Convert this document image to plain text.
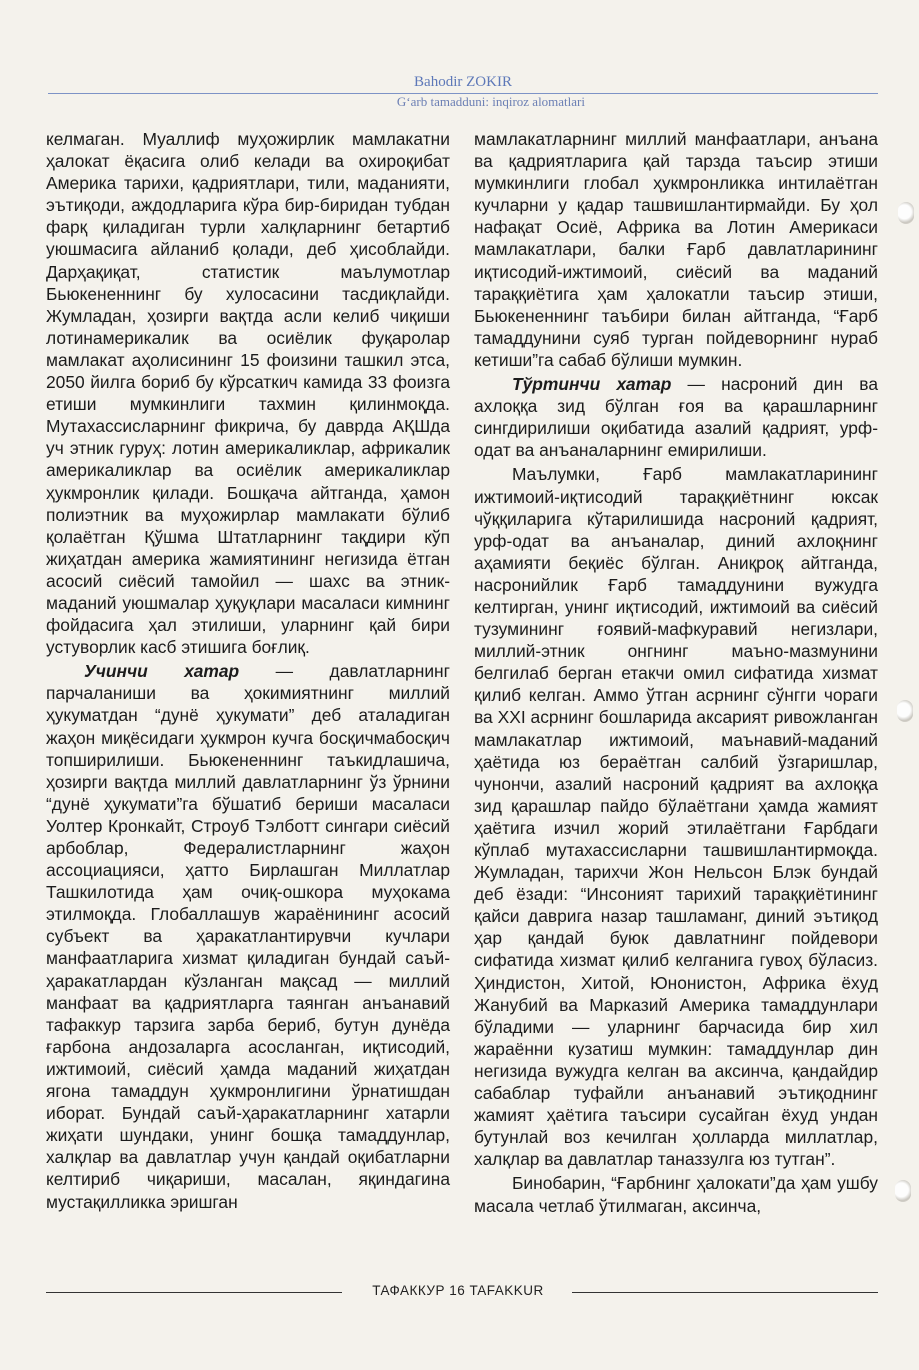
Bahodir ZOKIR
G‘arb tamadduni: inqiroz alomatlari

келмаган. Муаллиф муҳожирлик мамлакатни ҳалокат ёқасига олиб келади ва охироқибат Америка тарихи, қадриятлари, тили, маданияти, эътиқоди, аждодларига кўра бир-биридан тубдан фарқ қиладиган турли халқларнинг бетартиб уюшмасига айланиб қолади, деб ҳисоблайди. Дарҳақиқат, статистик маълумотлар Бьюкененнинг бу хулосасини тасдиқлайди. Жумладан, ҳозирги вақтда асли келиб чиқиши лотинамерикалик ва осиёлик фуқаролар мамлакат аҳолисининг 15 фоизини ташкил этса, 2050 йилга бориб бу кўрсаткич камида 33 фоизга етиши мумкинлиги тахмин қилинмоқда. Мутахассисларнинг фикрича, бу даврда АҚШда уч этник гуруҳ: лотин америкаликлар, африкалик америкаликлар ва осиёлик америкаликлар ҳукмронлик қилади. Бошқача айтганда, ҳамон полиэтник ва муҳожирлар мамлакати бўлиб қолаётган Қўшма Штатларнинг тақдири кўп жиҳатдан америка жамиятининг негизида ётган асосий сиёсий тамойил — шахс ва этник-маданий уюшмалар ҳуқуқлари масаласи кимнинг фойдасига ҳал этилиши, уларнинг қай бири устуворлик касб этишига боғлиқ.

Учинчи хатар — давлатларнинг парчаланиши ва ҳокимиятнинг миллий ҳукуматдан “дунё ҳукумати” деб аталадиган жаҳон миқёсидаги ҳукмрон кучга босқичмабосқич топширилиши. Бьюкененнинг таъкидлашича, ҳозирги вақтда миллий давлатларнинг ўз ўрнини “дунё ҳукумати”га бўшатиб бериши масаласи Уолтер Кронкайт, Строуб Тэлботт сингари сиёсий арбоблар, Федералистларнинг жаҳон ассоциацияси, ҳатто Бирлашган Миллатлар Ташкилотида ҳам очиқ-ошкора муҳокама этилмоқда. Глобаллашув жараёнининг асосий субъект ва ҳаракатлантирувчи кучлари манфаатларига хизмат қиладиган бундай саъй-ҳаракатлардан кўзланган мақсад — миллий манфаат ва қадриятларга таянган анъанавий тафаккур тарзига зарба бериб, бутун дунёда ғарбона андозаларга асосланган, иқтисодий, ижтимоий, сиёсий ҳамда маданий жиҳатдан ягона тамаддун ҳукмронлигини ўрнатишдан иборат. Бундай саъй-ҳаракатларнинг хатарли жиҳати шундаки, унинг бошқа тамаддунлар, халқлар ва давлатлар учун қандай оқибатларни келтириб чиқариши, масалан, яқиндагина мустақилликка эришган

мамлакатларнинг миллий манфаатлари, анъана ва қадриятларига қай тарзда таъсир этиши мумкинлиги глобал ҳукмронликка интилаётган кучларни у қадар ташвишлантирмайди. Бу ҳол нафақат Осиё, Африка ва Лотин Америкаси мамлакатлари, балки Ғарб давлатларининг иқтисодий-ижтимоий, сиёсий ва маданий тараққиётига ҳам ҳалокатли таъсир этиши, Бьюкененнинг таъбири билан айтганда, “Ғарб тамаддунини суяб турган пойдеворнинг нураб кетиши”га сабаб бўлиши мумкин.

Тўртинчи хатар — насроний дин ва ахлоққа зид бўлган ғоя ва қарашларнинг сингдирилиши оқибатида азалий қадрият, урф-одат ва анъаналарнинг емирилиши.

Маълумки, Ғарб мамлакатларининг ижтимоий-иқтисодий тараққиётнинг юксак чўққиларига кўтарилишида насроний қадрият, урф-одат ва анъаналар, диний ахлоқнинг аҳамияти беқиёс бўлган. Аниқроқ айтганда, насронийлик Ғарб тамаддунини вужудга келтирган, унинг иқтисодий, ижтимоий ва сиёсий тузумининг ғоявий-мафкуравий негизлари, миллий-этник онгнинг маъно-мазмунини белгилаб берган етакчи омил сифатида хизмат қилиб келган. Аммо ўтган асрнинг сўнгги чораги ва XXI асрнинг бошларида аксарият ривожланган мамлакатлар ижтимоий, маънавий-маданий ҳаётида юз бераётган салбий ўзгаришлар, чунончи, азалий насроний қадрият ва ахлоққа зид қарашлар пайдо бўлаётгани ҳамда жамият ҳаётига изчил жорий этилаётгани Ғарбдаги кўплаб мутахассисларни ташвишлантирмоқда. Жумладан, тарихчи Жон Нельсон Блэк бундай деб ёзади: “Инсоният тарихий тараққиётининг қайси даврига назар ташламанг, диний эътиқод ҳар қандай буюк давлатнинг пойдевори сифатида хизмат қилиб келганига гувоҳ бўласиз. Ҳиндистон, Хитой, Юнонистон, Африка ёхуд Жанубий ва Марказий Америка тамаддунлари бўладими — уларнинг барчасида бир хил жараённи кузатиш мумкин: тамаддунлар дин негизида вужудга келган ва аксинча, қандайдир сабаблар туфайли анъанавий эътиқоднинг жамият ҳаётига таъсири сусайган ёхуд ундан бутунлай воз кечилган ҳолларда миллатлар, халқлар ва давлатлар таназзулга юз тутган”.

Бинобарин, “Ғарбнинг ҳалокати”да ҳам ушбу масала четлаб ўтилмаган, аксинча,

ТАФАККУР 16 TAFAKKUR
